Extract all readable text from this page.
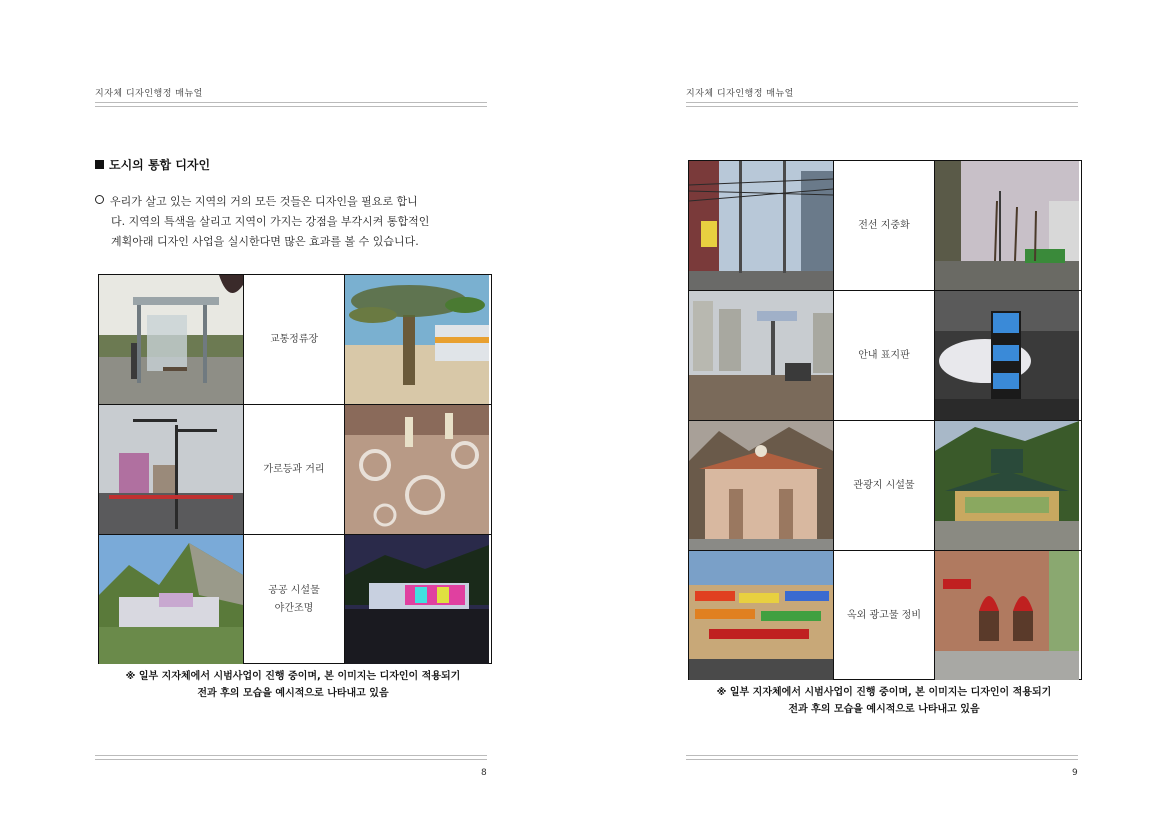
지자체 디자인행정 매뉴얼
도시의 통합 디자인
우리가 살고 있는 지역의 거의 모든 것들은 디자인을 필요로 합니
다. 지역의 특색을 살리고 지역이 가지는 강점을 부각시켜 통합적인
계획아래 디자인 사업을 실시한다면 많은 효과를 볼 수 있습니다.
교통정류장
가로등과 거리
공공 시설물
야간조명
※ 일부 지자체에서 시범사업이 진행 중이며, 본 이미지는 디자인이 적용되기
전과 후의 모습을 예시적으로 나타내고 있음
8
지자체 디자인행정 매뉴얼
전선 지중화
안내 표지판
관광지 시설물
옥외 광고물 정비
※ 일부 지자체에서 시범사업이 진행 중이며, 본 이미지는 디자인이 적용되기
전과 후의 모습을 예시적으로 나타내고 있음
9
